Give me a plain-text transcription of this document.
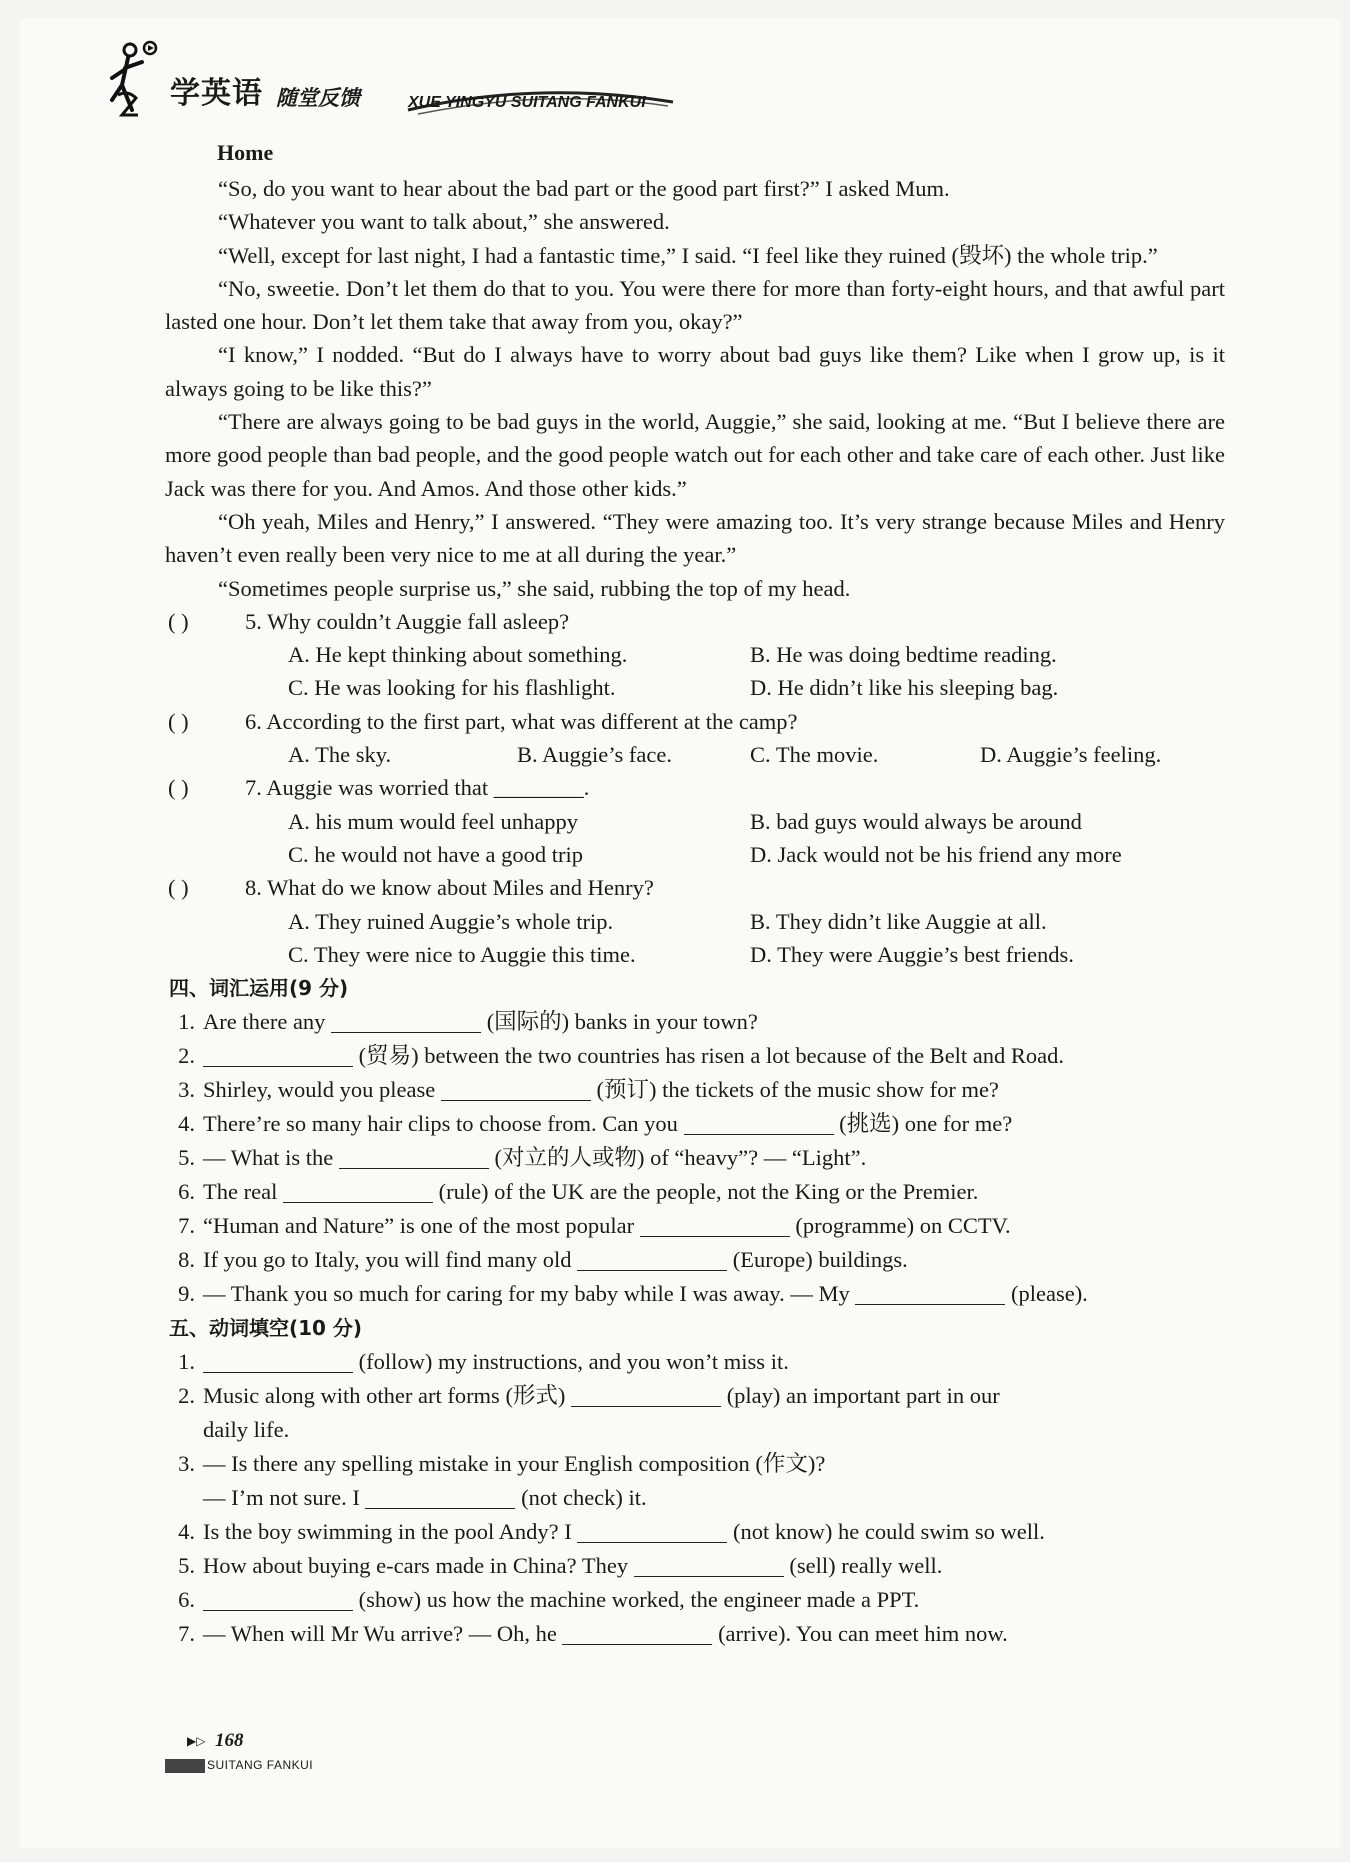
学英语 随堂反馈	XUE YINGYU SUITANG FANKUI
Home

“So, do you want to hear about the bad part or the good part first?” I asked Mum.

“Whatever you want to talk about,” she answered.

“Well, except for last night, I had a fantastic time,” I said. “I feel like they ruined (毁坏) the whole trip.”

“No, sweetie. Don’t let them do that to you. You were there for more than forty-eight hours, and that awful part lasted one hour. Don’t let them take that away from you, okay?”

“I know,” I nodded. “But do I always have to worry about bad guys like them? Like when I grow up, is it always going to be like this?”

“There are always going to be bad guys in the world, Auggie,” she said, looking at me. “But I believe there are more good people than bad people, and the good people watch out for each other and take care of each other. Just like Jack was there for you. And Amos. And those other kids.”

“Oh yeah, Miles and Henry,” I answered. “They were amazing too. It’s very strange because Miles and Henry haven’t even really been very nice to me at all during the year.”

“Sometimes people surprise us,” she said, rubbing the top of my head.

( )	5. Why couldn’t Auggie fall asleep?
A. He kept thinking about something.	B. He was doing bedtime reading.
C. He was looking for his flashlight.	D. He didn’t like his sleeping bag.
( )	6. According to the first part, what was different at the camp?
A. The sky.	B. Auggie’s face.	C. The movie.	D. Auggie’s feeling.
( )	7. Auggie was worried that ________.
A. his mum would feel unhappy	B. bad guys would always be around
C. he would not have a good trip	D. Jack would not be his friend any more
( )	8. What do we know about Miles and Henry?
A. They ruined Auggie’s whole trip.	B. They didn’t like Auggie at all.
C. They were nice to Auggie this time.	D. They were Auggie’s best friends.
四、词汇运用(9 分)
1. Are there any	(国际的) banks in your town?
2.	(贸易) between the two countries has risen a lot because of the Belt and Road.
3. Shirley, would you please	(预订) the tickets of the music show for me?
4. There’re so many hair clips to choose from. Can you	(挑选) one for me?
5. — What is the	(对立的人或物) of “heavy”? — “Light”.
6. The real	(rule) of the UK are the people, not the King or the Premier.
7. “Human and Nature” is one of the most popular	(programme) on CCTV.
8. If you go to Italy, you will find many old	(Europe) buildings.
9. — Thank you so much for caring for my baby while I was away. — My	(please).
五、动词填空(10 分)
1.	(follow) my instructions, and you won’t miss it.
2. Music along with other art forms (形式)	(play) an important part in our
daily life.
3. — Is there any spelling mistake in your English composition (作文)?
— I’m not sure. I	(not check) it.
4. Is the boy swimming in the pool Andy? I	(not know) he could swim so well.
5. How about buying e-cars made in China? They	(sell) really well.
6.	(show) us how the machine worked, the engineer made a PPT.
7. — When will Mr Wu arrive? — Oh, he	(arrive). You can meet him now.
▶▷ 168
SUITANG FANKUI
